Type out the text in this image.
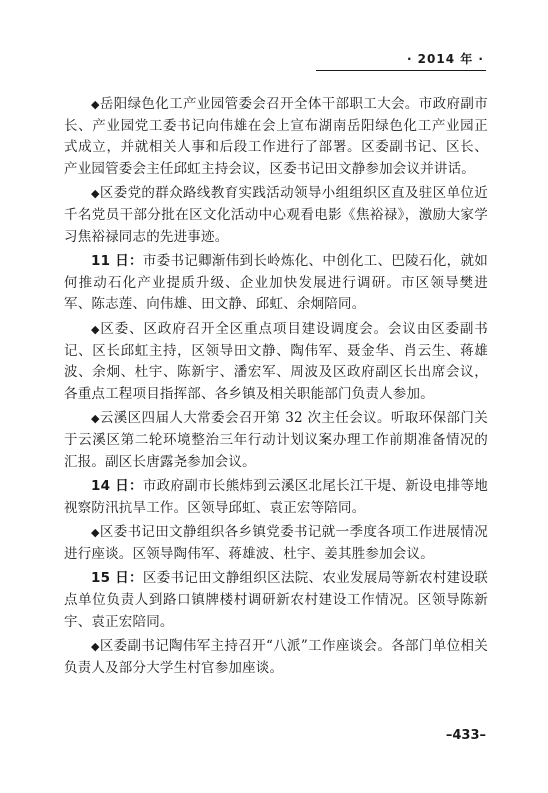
· 2014 年 ·

◆岳阳绿色化工产业园管委会召开全体干部职工大会。市政府副市长、产业园党工委书记向伟雄在会上宣布湖南岳阳绿色化工产业园正式成立，并就相关人事和后段工作进行了部署。区委副书记、区长、产业园管委会主任邱虹主持会议，区委书记田文静参加会议并讲话。

◆区委党的群众路线教育实践活动领导小组组织区直及驻区单位近千名党员干部分批在区文化活动中心观看电影《焦裕禄》，激励大家学习焦裕禄同志的先进事迹。

11 日：市委书记卿渐伟到长岭炼化、中创化工、巴陵石化，就如何推动石化产业提质升级、企业加快发展进行调研。市区领导樊进军、陈志莲、向伟雄、田文静、邱虹、余炯陪同。

◆区委、区政府召开全区重点项目建设调度会。会议由区委副书记、区长邱虹主持，区领导田文静、陶伟军、聂金华、肖云生、蒋雄波、余炯、杜宇、陈新宇、潘宏军、周波及区政府副区长出席会议，各重点工程项目指挥部、各乡镇及相关职能部门负责人参加。

◆云溪区四届人大常委会召开第 32 次主任会议。听取环保部门关于云溪区第二轮环境整治三年行动计划议案办理工作前期准备情况的汇报。副区长唐露尧参加会议。

14 日：市政府副市长熊炜到云溪区北尾长江干堤、新设电排等地视察防汛抗旱工作。区领导邱虹、袁正宏等陪同。

◆区委书记田文静组织各乡镇党委书记就一季度各项工作进展情况进行座谈。区领导陶伟军、蒋雄波、杜宇、姜其胜参加会议。

15 日：区委书记田文静组织区法院、农业发展局等新农村建设联点单位负责人到路口镇牌楼村调研新农村建设工作情况。区领导陈新宇、袁正宏陪同。

◆区委副书记陶伟军主持召开“八派”工作座谈会。各部门单位相关负责人及部分大学生村官参加座谈。

–433–
